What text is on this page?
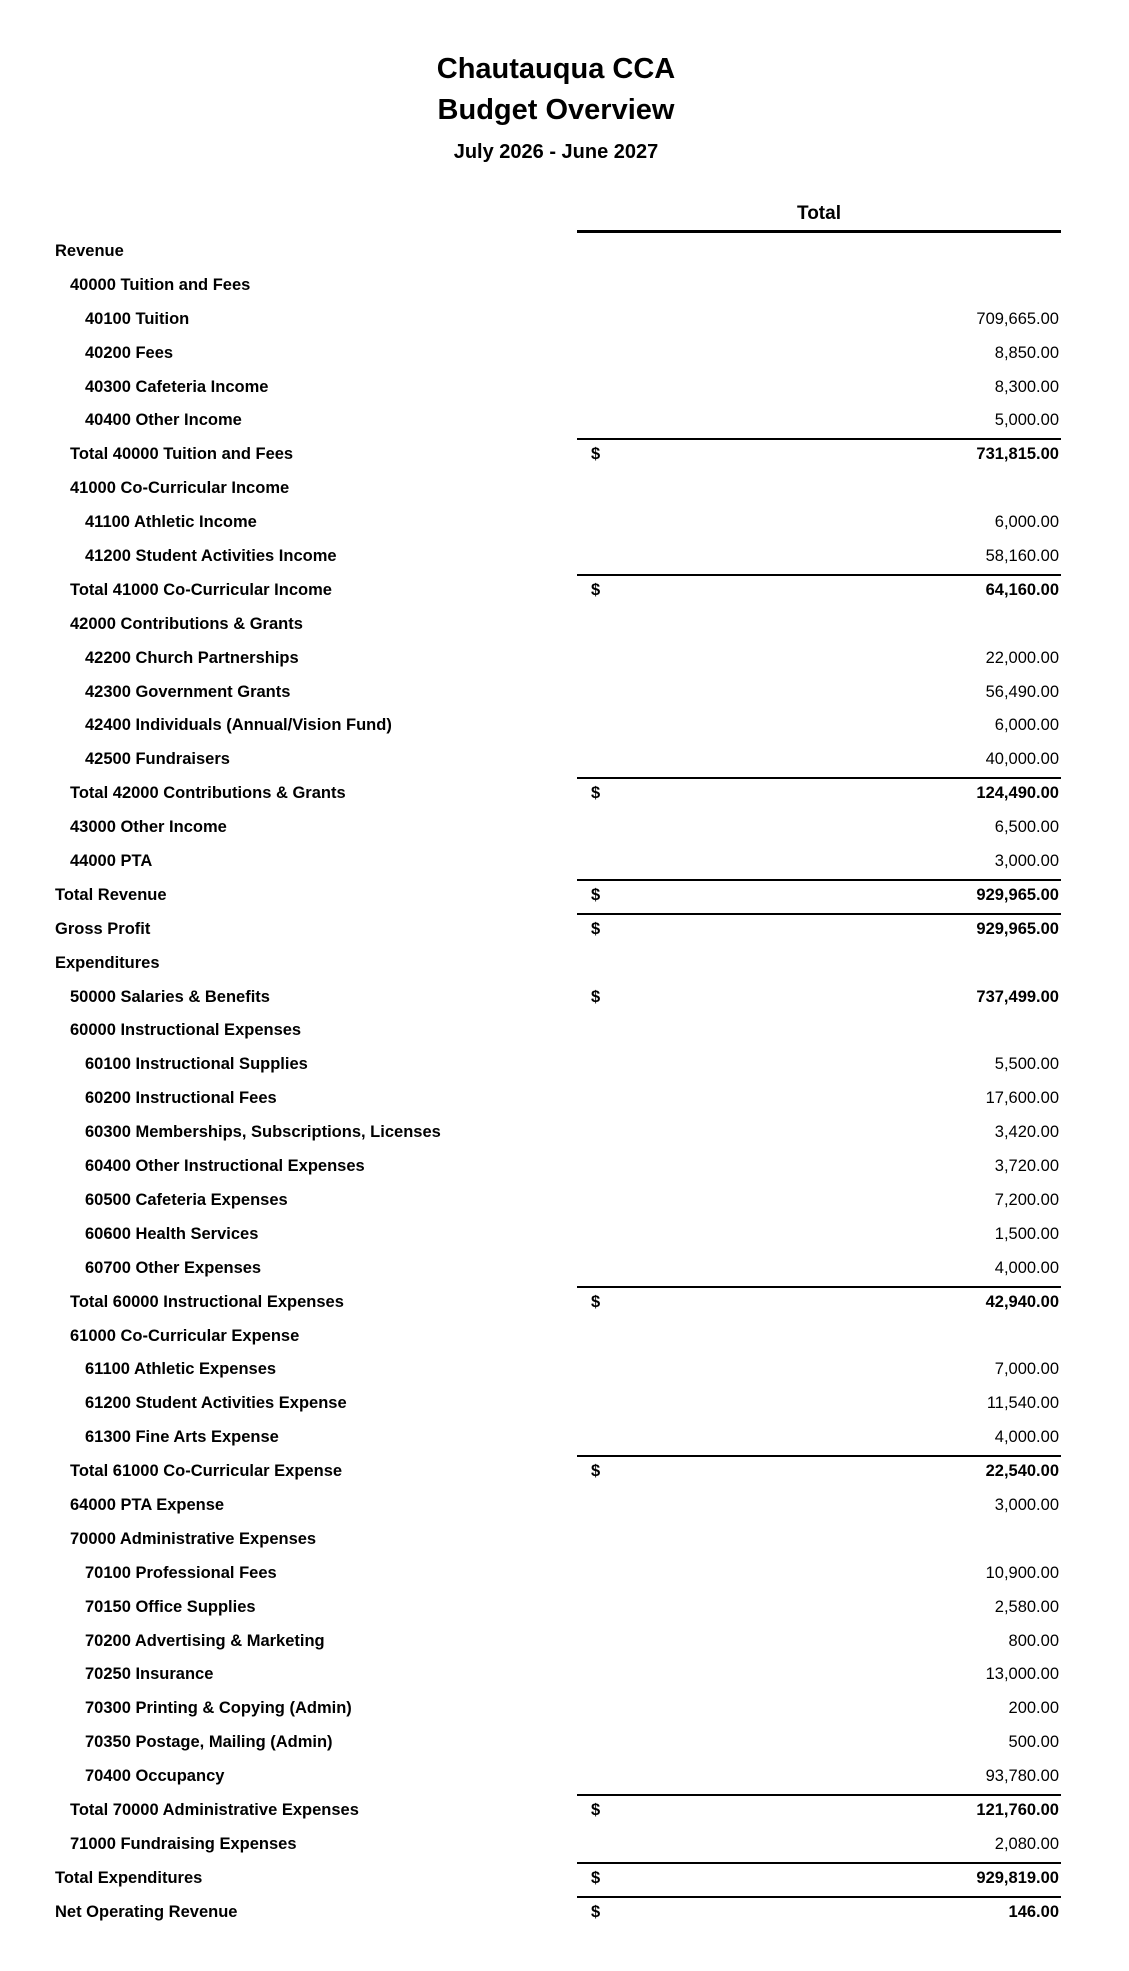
Chautauqua CCA
Budget Overview
July 2026 - June 2027
Total
Revenue
40000 Tuition and Fees
40100 Tuition	709,665.00
40200 Fees	8,850.00
40300 Cafeteria Income	8,300.00
40400 Other Income	5,000.00
Total 40000 Tuition and Fees	$	731,815.00
41000 Co-Curricular Income
41100 Athletic Income	6,000.00
41200 Student Activities Income	58,160.00
Total 41000 Co-Curricular Income	$	64,160.00
42000 Contributions & Grants
42200 Church Partnerships	22,000.00
42300 Government Grants	56,490.00
42400 Individuals (Annual/Vision Fund)	6,000.00
42500 Fundraisers	40,000.00
Total 42000 Contributions & Grants	$	124,490.00
43000 Other Income	6,500.00
44000 PTA	3,000.00
Total Revenue	$	929,965.00
Gross Profit	$	929,965.00
Expenditures
50000 Salaries & Benefits	$	737,499.00
60000 Instructional Expenses
60100 Instructional Supplies	5,500.00
60200 Instructional Fees	17,600.00
60300 Memberships, Subscriptions, Licenses	3,420.00
60400 Other Instructional Expenses	3,720.00
60500 Cafeteria Expenses	7,200.00
60600 Health Services	1,500.00
60700 Other Expenses	4,000.00
Total 60000 Instructional Expenses	$	42,940.00
61000 Co-Curricular Expense
61100 Athletic Expenses	7,000.00
61200 Student Activities Expense	11,540.00
61300 Fine Arts Expense	4,000.00
Total 61000 Co-Curricular Expense	$	22,540.00
64000 PTA Expense	3,000.00
70000 Administrative Expenses
70100 Professional Fees	10,900.00
70150 Office Supplies	2,580.00
70200 Advertising & Marketing	800.00
70250 Insurance	13,000.00
70300 Printing & Copying (Admin)	200.00
70350 Postage, Mailing (Admin)	500.00
70400 Occupancy	93,780.00
Total 70000 Administrative Expenses	$	121,760.00
71000 Fundraising Expenses	2,080.00
Total Expenditures	$	929,819.00
Net Operating Revenue	$	146.00
